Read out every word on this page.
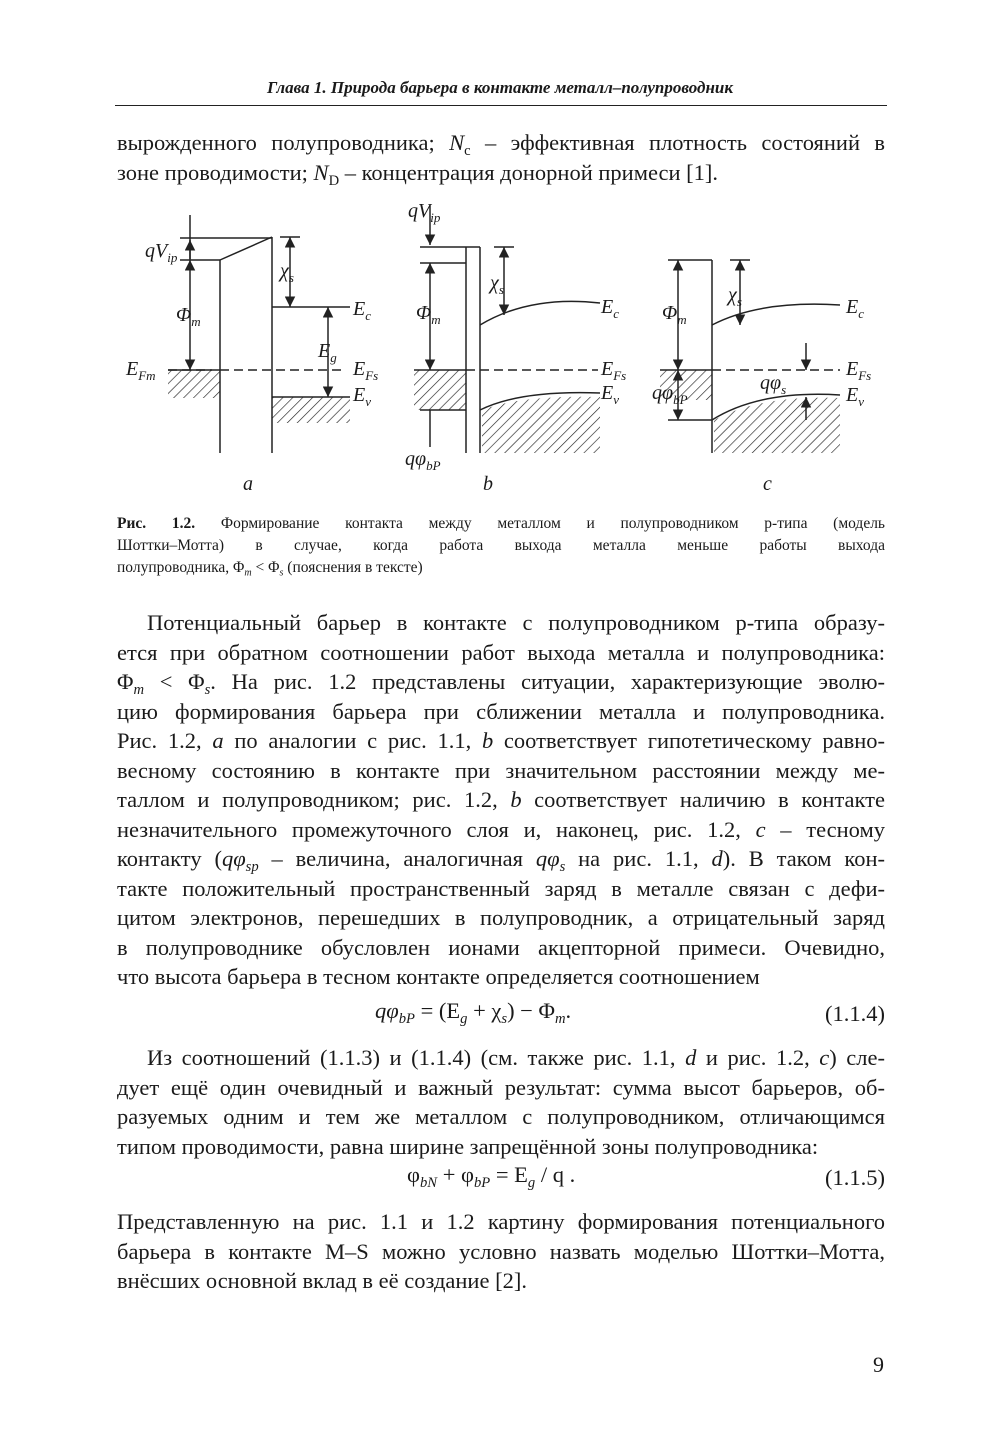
Глава 1. Природа барьера в контакте металл–полупроводник
вырожденного полупроводника; $N_c$ – эффективная плотность состояний в
зоне проводимости; $N_D$ – концентрация донорной примеси [1].
$qV_{ip}$
$\Phi_m$
$E_{Fm}$
$\chi_s$
$E_c$
$E_g$
$E_{Fs}$
$E_v$
a
$qV_{ip}$
$\Phi_m$
$\chi_s$
$E_c$
$E_{Fs}$
$E_v$
$q\varphi_{bP}$
b
$\Phi_m$
$\chi_s$	$E_c$
$E_{Fs}$
$E_v$
$q\varphi_s$
$q\varphi_{bP}$
c
Рис. 1.2. Формирование контакта между металлом и полупроводником p-типа (модель
Шоттки–Мотта) в случае, когда работа выхода металла меньше работы выхода
полупроводника, $\Phi_m < \Phi_s$ (пояснения в тексте)
Потенциальный барьер в контакте с полупроводником p-типа образу-
ется при обратном соотношении работ выхода металла и полупроводника:
$\Phi_m < \Phi_s$. На рис. 1.2 представлены ситуации, характеризующие эволю-
цию формирования барьера при сближении металла и полупроводника.
Рис. 1.2, a по аналогии с рис. 1.1, b соответствует гипотетическому равно-
весному состоянию в контакте при значительном расстоянии между ме-
таллом и полупроводником; рис. 1.2, b соответствует наличию в контакте
незначительного промежуточного слоя и, наконец, рис. 1.2, c – тесному
контакту ($q\varphi_{sp}$ – величина, аналогичная $q\varphi_s$ на рис. 1.1, d). В таком кон-
такте положительный пространственный заряд в металле связан с дефи-
цитом электронов, перешедших в полупроводник, а отрицательный заряд
в полупроводнике обусловлен ионами акцепторной примеси. Очевидно,
что высота барьера в тесном контакте определяется соотношением
$q\varphi_{bP} = (E_g + \chi_s) - \Phi_m$.	(1.1.4)
Из соотношений (1.1.3) и (1.1.4) (см. также рис. 1.1, d и рис. 1.2, c) сле-
дует ещё один очевидный и важный результат: сумма высот барьеров, об-
разуемых одним и тем же металлом с полупроводником, отличающимся
типом проводимости, равна ширине запрещённой зоны полупроводника:
$\varphi_{bN} + \varphi_{bP} = E_g / q$ .	(1.1.5)
Представленную на рис. 1.1 и 1.2 картину формирования потенциального
барьера в контакте M–S можно условно назвать моделью Шоттки–Мотта,
внёсших основной вклад в её создание [2].
9
